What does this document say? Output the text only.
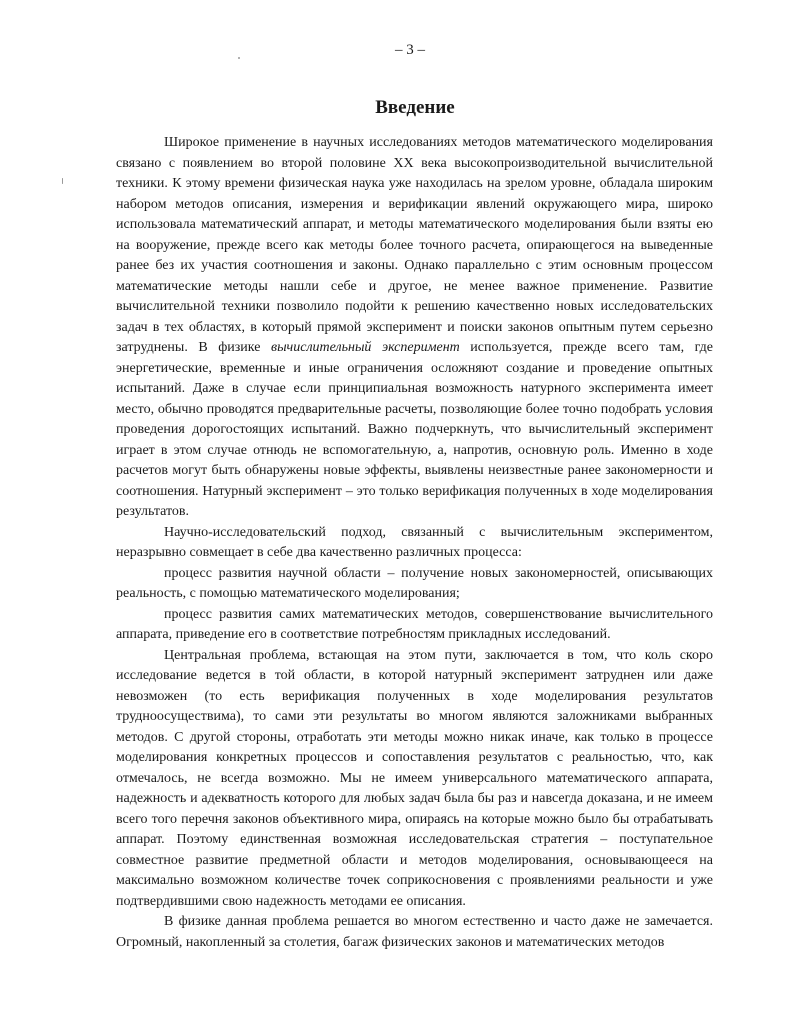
– 3 –
Введение

Широкое применение в научных исследованиях методов математического моделирования связано с появлением во второй половине XX века высокопроизводительной вычислительной техники. К этому времени физическая наука уже находилась на зрелом уровне, обладала широким набором методов описания, измерения и верификации явлений окружающего мира, широко использовала математический аппарат, и методы математического моделирования были взяты ею на вооружение, прежде всего как методы более точного расчета, опирающегося на выведенные ранее без их участия соотношения и законы. Однако параллельно с этим основным процессом математические методы нашли себе и другое, не менее важное применение. Развитие вычислительной техники позволило подойти к решению качественно новых исследовательских задач в тех областях, в который прямой эксперимент и поиски законов опытным путем серьезно затруднены. В физике вычислительный эксперимент используется, прежде всего там, где энергетические, временные и иные ограничения осложняют создание и проведение опытных испытаний. Даже в случае если принципиальная возможность натурного эксперимента имеет место, обычно проводятся предварительные расчеты, позволяющие более точно подобрать условия проведения дорогостоящих испытаний. Важно подчеркнуть, что вычислительный эксперимент играет в этом случае отнюдь не вспомогательную, а, напротив, основную роль. Именно в ходе расчетов могут быть обнаружены новые эффекты, выявлены неизвестные ранее закономерности и соотношения. Натурный эксперимент – это только верификация полученных в ходе моделирования результатов.

Научно-исследовательский подход, связанный с вычислительным экспериментом, неразрывно совмещает в себе два качественно различных процесса:

процесс развития научной области – получение новых закономерностей, описывающих реальность, с помощью математического моделирования;

процесс развития самих математических методов, совершенствование вычислительного аппарата, приведение его в соответствие потребностям прикладных исследований.

Центральная проблема, встающая на этом пути, заключается в том, что коль скоро исследование ведется в той области, в которой натурный эксперимент затруднен или даже невозможен (то есть верификация полученных в ходе моделирования результатов трудноосуществима), то сами эти результаты во многом являются заложниками выбранных методов. С другой стороны, отработать эти методы можно никак иначе, как только в процессе моделирования конкретных процессов и сопоставления результатов с реальностью, что, как отмечалось, не всегда возможно. Мы не имеем универсального математического аппарата, надежность и адекватность которого для любых задач была бы раз и навсегда доказана, и не имеем всего того перечня законов объективного мира, опираясь на которые можно было бы отрабатывать аппарат. Поэтому единственная возможная исследовательская стратегия – поступательное совместное развитие предметной области и методов моделирования, основывающееся на максимально возможном количестве точек соприкосновения с проявлениями реальности и уже подтвердившими свою надежность методами ее описания.

В физике данная проблема решается во многом естественно и часто даже не замечается. Огромный, накопленный за столетия, багаж физических законов и математических методов
